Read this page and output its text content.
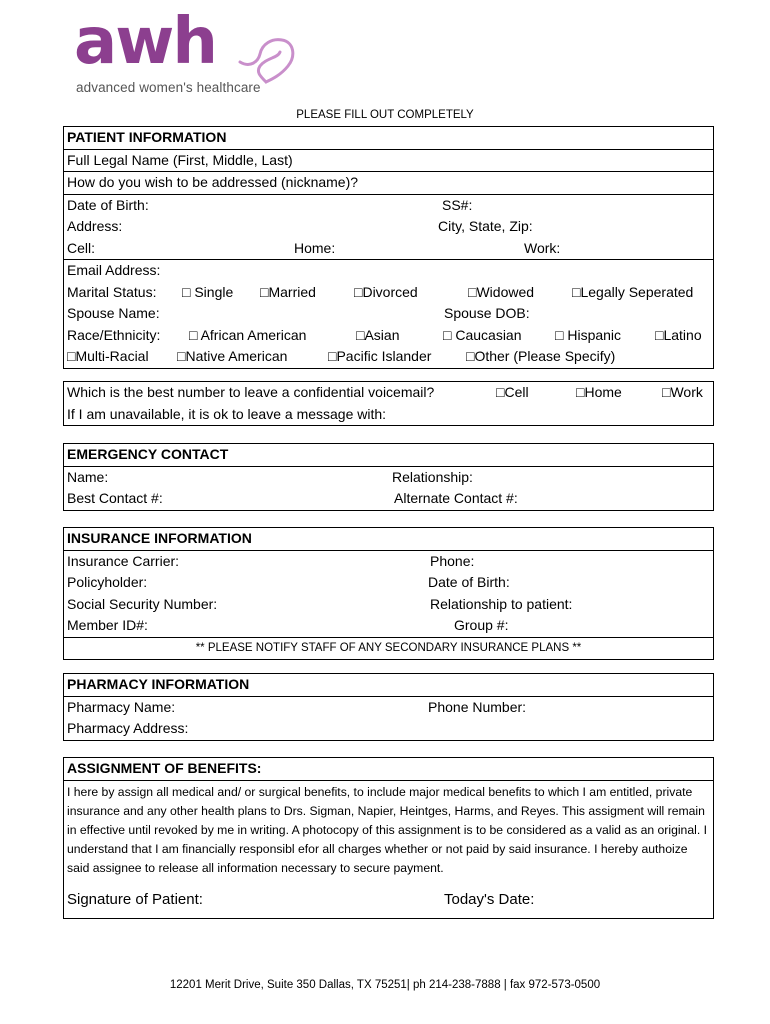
awh
advanced women's healthcare
PLEASE FILL OUT COMPLETELY
PATIENT INFORMATION
Full Legal Name (First, Middle, Last)
How do you wish to be addressed (nickname)?
Date of Birth:	SS#:
Address:	City, State, Zip:
Cell:	Home:	Work:
Email Address:
Marital Status: □ Single □Married	□Divorced	□Widowed	□Legally Seperated
Spouse Name:	Spouse DOB:
Race/Ethnicity: □ African American	□Asian	□ Caucasian □ Hispanic □Latino
□Multi-Racial □Native American	□Pacific Islander □Other (Please Specify)
Which is the best number to leave a confidential voicemail?	□Cell	□Home	□Work
If I am unavailable, it is ok to leave a message with:
EMERGENCY CONTACT
Name:	Relationship:
Best Contact #:	Alternate Contact #:
INSURANCE INFORMATION
Insurance Carrier:	Phone:
Policyholder:	Date of Birth:
Social Security Number:	Relationship to patient:
Member ID#:	Group #:
** PLEASE NOTIFY STAFF OF ANY SECONDARY INSURANCE PLANS **
PHARMACY INFORMATION
Pharmacy Name:	Phone Number:
Pharmacy Address:
ASSIGNMENT OF BENEFITS:
I here by assign all medical and/ or surgical benefits, to include major medical benefits to which I am entitled, private insurance and any other health plans to Drs. Sigman, Napier, Heintges, Harms, and Reyes. This assigment will remain in effective until revoked by me in writing. A photocopy of this assignment is to be considered as a valid as an original. I understand that I am financially responsibl efor all charges whether or not paid by said insurance. I hereby authoize said assignee to release all information necessary to secure payment.
Signature of Patient:	Today's Date:
12201 Merit Drive, Suite 350 Dallas, TX 75251| ph 214-238-7888 | fax 972-573-0500
